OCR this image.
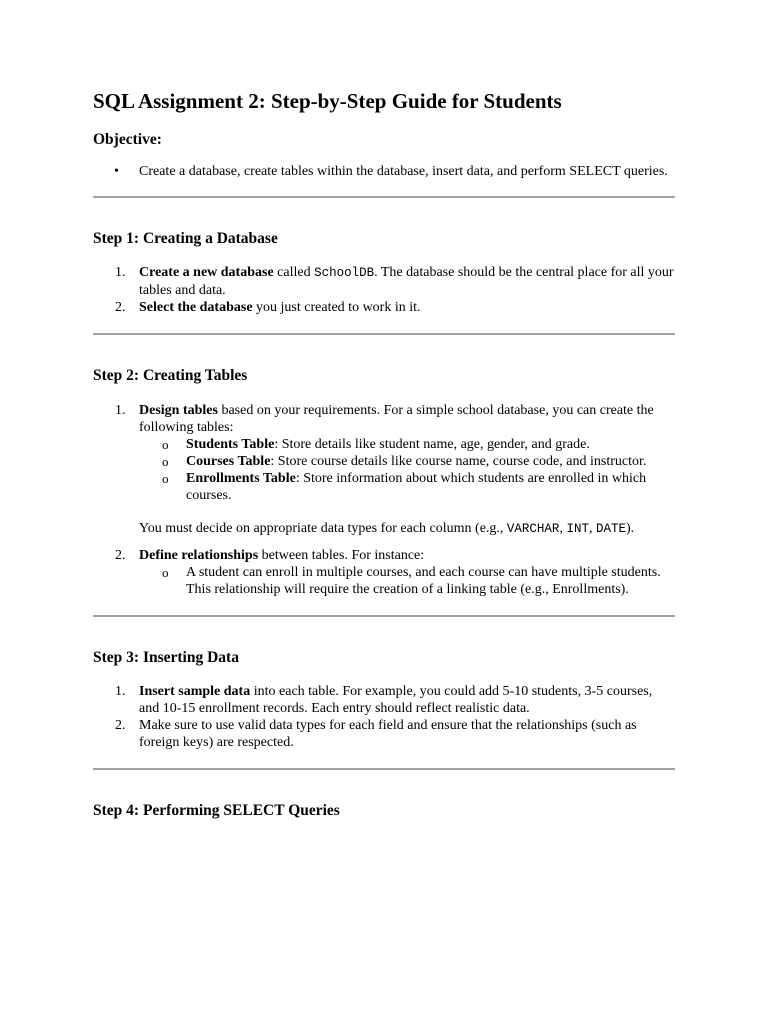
SQL Assignment 2: Step-by-Step Guide for Students
Objective:
• Create a database, create tables within the database, insert data, and perform SELECT queries.
Step 1: Creating a Database
1. Create a new database called SchoolDB. The database should be the central place for all your tables and data.
2. Select the database you just created to work in it.
Step 2: Creating Tables
1. Design tables based on your requirements. For a simple school database, you can create the following tables:
o Students Table: Store details like student name, age, gender, and grade.
o Courses Table: Store course details like course name, course code, and instructor.
o Enrollments Table: Store information about which students are enrolled in which courses.

You must decide on appropriate data types for each column (e.g., VARCHAR, INT, DATE).

2. Define relationships between tables. For instance:
o A student can enroll in multiple courses, and each course can have multiple students. This relationship will require the creation of a linking table (e.g., Enrollments).
Step 3: Inserting Data
1. Insert sample data into each table. For example, you could add 5-10 students, 3-5 courses, and 10-15 enrollment records. Each entry should reflect realistic data.
2. Make sure to use valid data types for each field and ensure that the relationships (such as foreign keys) are respected.
Step 4: Performing SELECT Queries
